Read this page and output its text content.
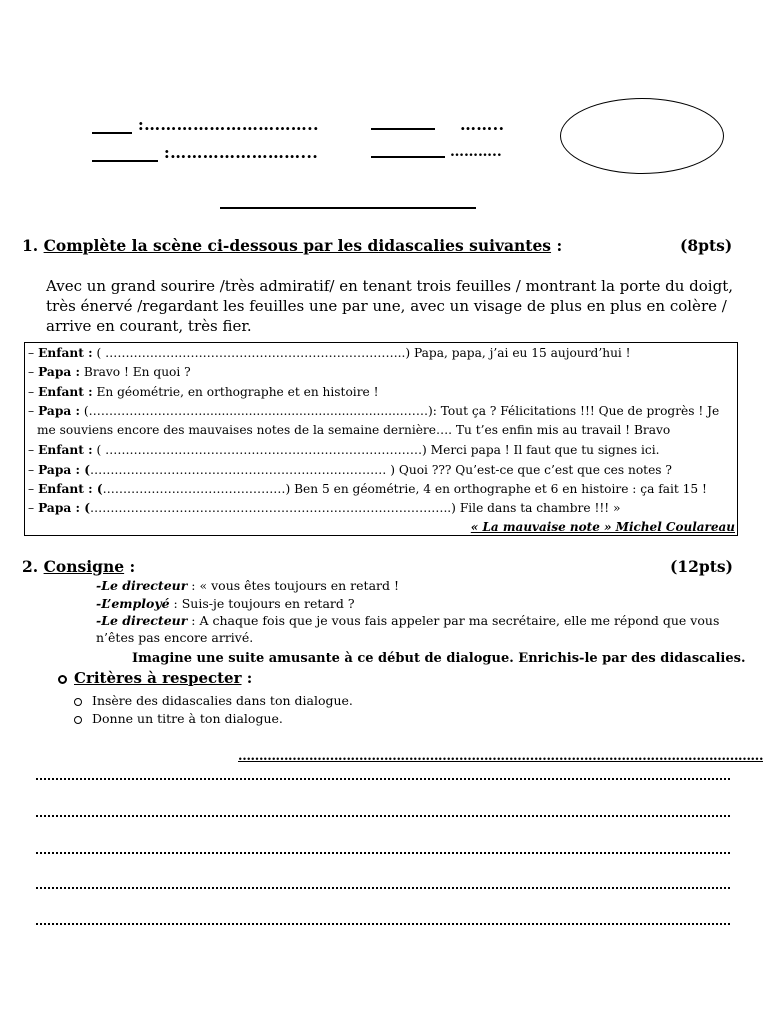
:…………………………..	……..
:……………………...	………..
1. Complète la scène ci-dessous par les didascalies suivantes :	(8pts)
Avec un grand sourire /très admiratif/ en tenant trois feuilles / montrant la porte du doigt,
très énervé /regardant les feuilles une par une, avec un visage de plus en plus en colère /
arrive en courant, très fier.
– Enfant : ( ………………………………………………………………..) Papa, papa, j’ai eu 15 aujourd’hui !
– Papa : Bravo ! En quoi ?
– Enfant : En géométrie, en orthographe et en histoire !
– Papa : (……………………….....................................................……): Tout ça ? Félicitations !!! Que de progrès ! Je
me souviens encore des mauvaises notes de la semaine dernière…. Tu t’es enfin mis au travail ! Bravo
– Enfant : ( ……………………………………………………………………) Merci papa ! Il faut que tu signes ici.
– Papa : (…………………………………………………….………… ) Quoi ??? Qu’est-ce que c’est que ces notes ?
– Enfant : (………………………………………) Ben 5 en géométrie, 4 en orthographe et 6 en histoire : ça fait 15 !
– Papa : (……………………………………………………………………………..) File dans ta chambre !!! »
« La mauvaise note » Michel Coulareau
2. Consigne :	(12pts)
-Le directeur : « vous êtes toujours en retard !
-L’employé : Suis-je toujours en retard ?
-Le directeur : A chaque fois que je vous fais appeler par ma secrétaire, elle me répond que vous
n’êtes pas encore arrivé.
Imagine une suite amusante à ce début de dialogue. Enrichis-le par des didascalies.
Critères à respecter :
Insère des didascalies dans ton dialogue.
Donne un titre à ton dialogue.
………………………………………………………………………………………………………………
